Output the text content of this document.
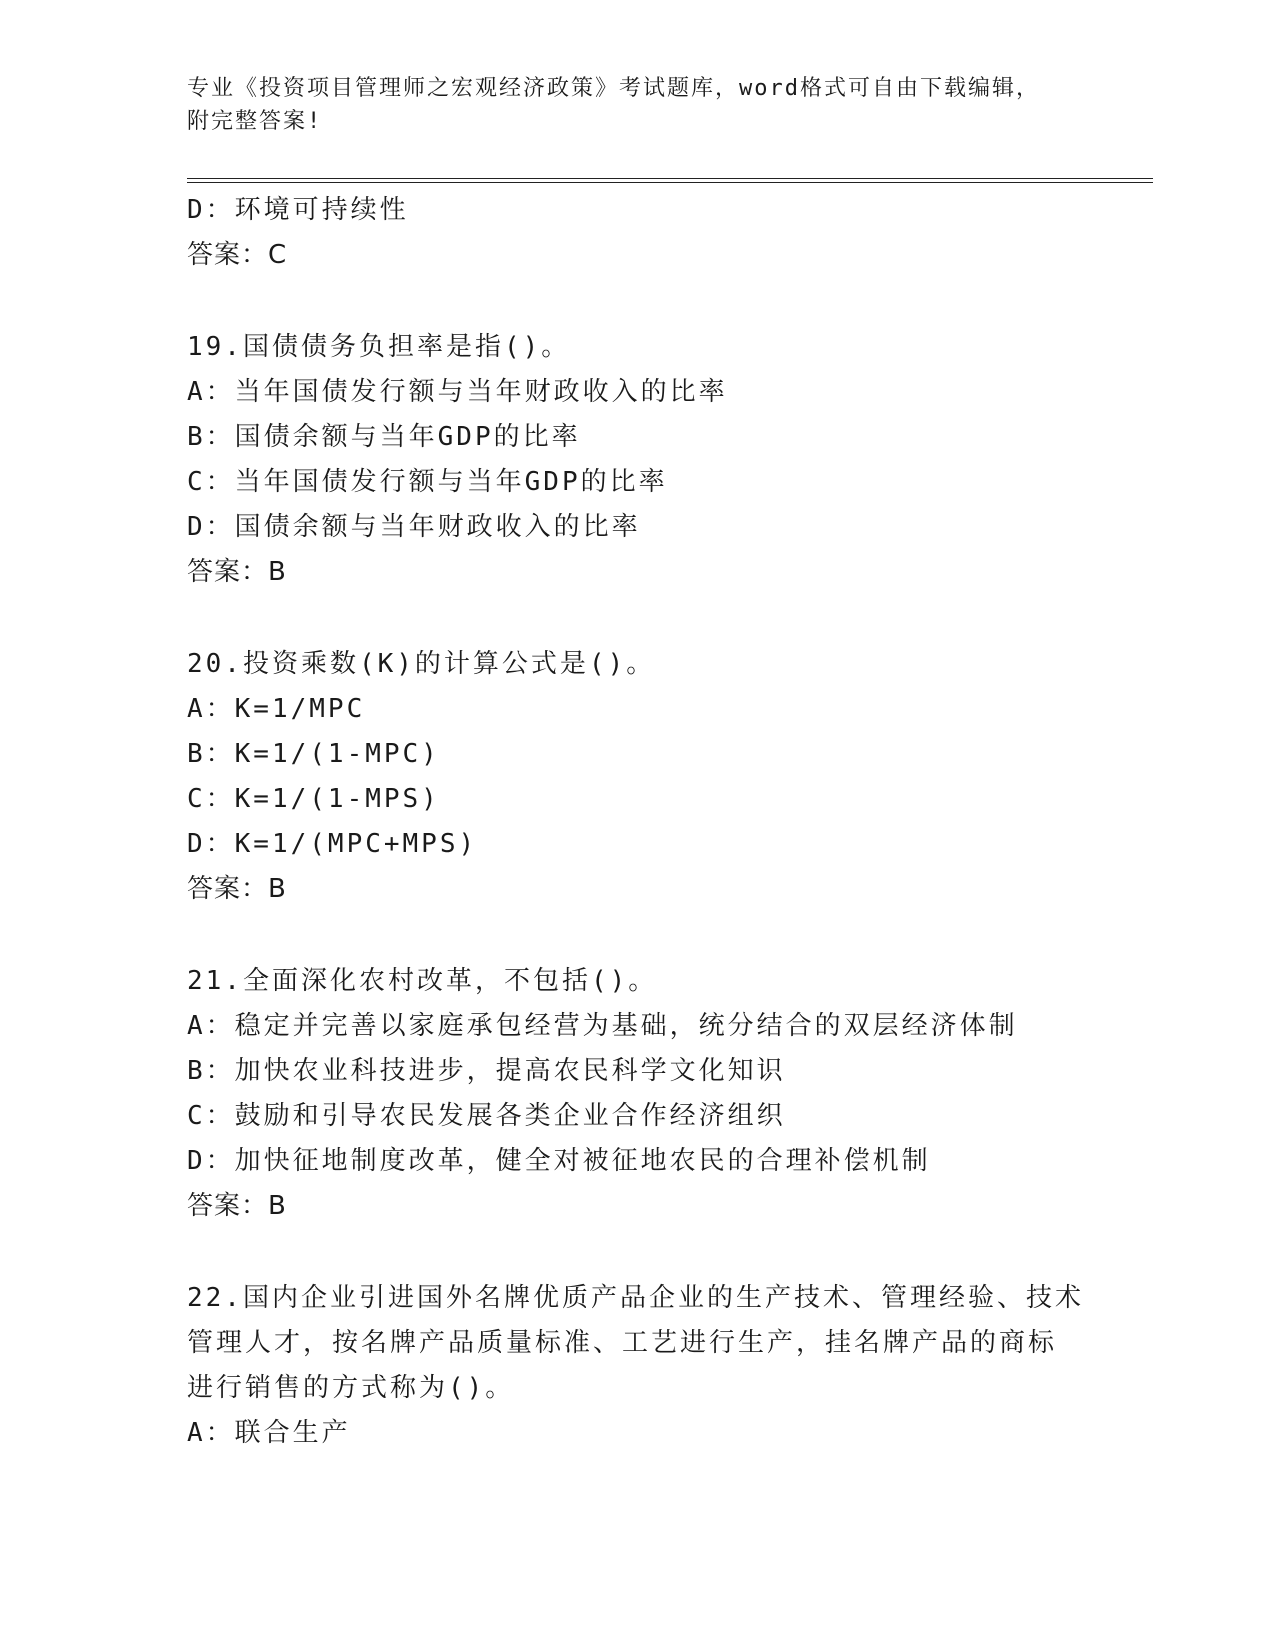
专业《投资项目管理师之宏观经济政策》考试题库，word格式可自由下载编辑，
附完整答案!
D：环境可持续性
答案：C
19.国债债务负担率是指()。
A：当年国债发行额与当年财政收入的比率
B：国债余额与当年GDP的比率
C：当年国债发行额与当年GDP的比率
D：国债余额与当年财政收入的比率
答案：B
20.投资乘数(K)的计算公式是()。
A：K=1/MPC
B：K=1/(1-MPC)
C：K=1/(1-MPS)
D：K=1/(MPC+MPS)
答案：B
21.全面深化农村改革，不包括()。
A：稳定并完善以家庭承包经营为基础，统分结合的双层经济体制
B：加快农业科技进步，提高农民科学文化知识
C：鼓励和引导农民发展各类企业合作经济组织
D：加快征地制度改革，健全对被征地农民的合理补偿机制
答案：B
22.国内企业引进国外名牌优质产品企业的生产技术、管理经验、技术
管理人才，按名牌产品质量标准、工艺进行生产，挂名牌产品的商标
进行销售的方式称为()。
A：联合生产
